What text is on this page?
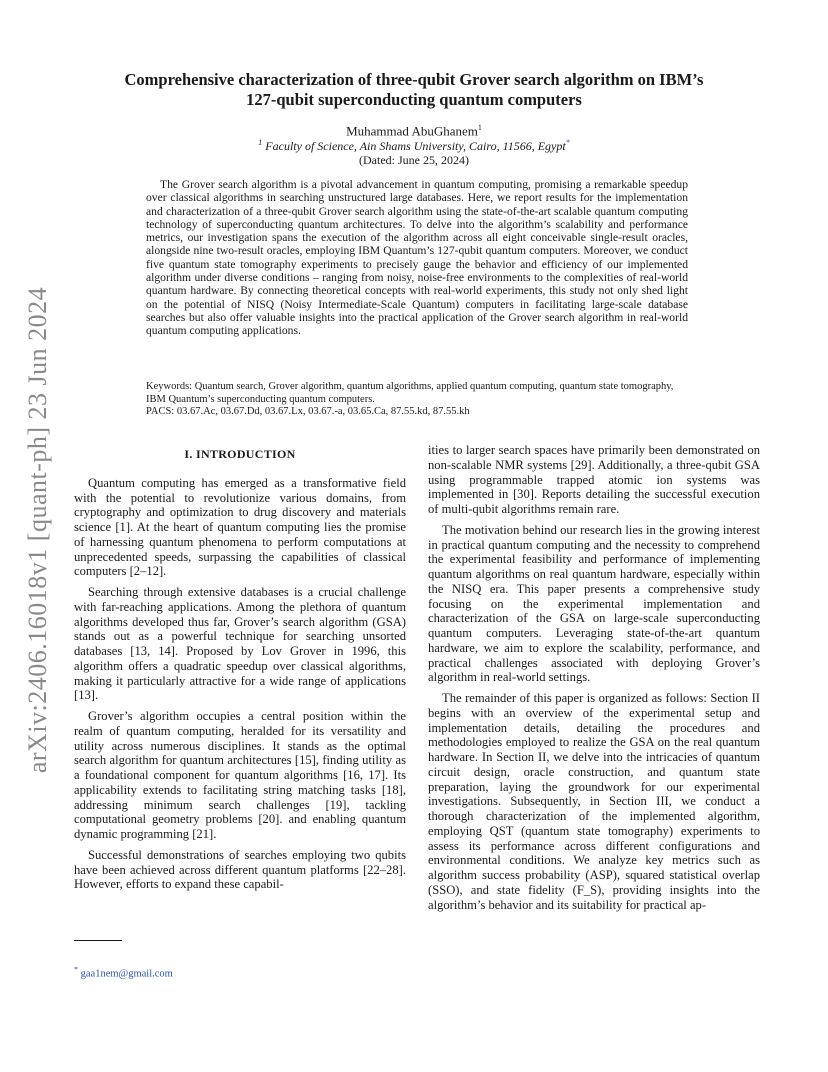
arXiv:2406.16018v1 [quant-ph] 23 Jun 2024
Comprehensive characterization of three-qubit Grover search algorithm on IBM’s
127-qubit superconducting quantum computers
Muhammad AbuGhanem$^1$
$^1$ Faculty of Science, Ain Shams University, Cairo, 11566, Egypt*
(Dated: June 25, 2024)
The Grover search algorithm is a pivotal advancement in quantum computing, promising a remarkable speedup over classical algorithms in searching unstructured large databases. Here, we report results for the implementation and characterization of a three-qubit Grover search algorithm using the state-of-the-art scalable quantum computing technology of superconducting quantum architectures. To delve into the algorithm’s scalability and performance metrics, our investigation spans the execution of the algorithm across all eight conceivable single-result oracles, alongside nine two-result oracles, employing IBM Quantum’s 127-qubit quantum computers. Moreover, we conduct five quantum state tomography experiments to precisely gauge the behavior and efficiency of our implemented algorithm under diverse conditions – ranging from noisy, noise-free environments to the complexities of real-world quantum hardware. By connecting theoretical concepts with real-world experiments, this study not only shed light on the potential of NISQ (Noisy Intermediate-Scale Quantum) computers in facilitating large-scale database searches but also offer valuable insights into the practical application of the Grover search algorithm in real-world quantum computing applications.
Keywords: Quantum search, Grover algorithm, quantum algorithms, applied quantum computing, quantum state tomography, IBM Quantum’s superconducting quantum computers.
PACS: 03.67.Ac, 03.67.Dd, 03.67.Lx, 03.67.-a, 03.65.Ca, 87.55.kd, 87.55.kh
I. INTRODUCTION

Quantum computing has emerged as a transformative field with the potential to revolutionize various domains, from cryptography and optimization to drug discovery and materials science [1]. At the heart of quantum computing lies the promise of harnessing quantum phenomena to perform computations at unprecedented speeds, surpassing the capabilities of classical computers [2–12].

Searching through extensive databases is a crucial challenge with far-reaching applications. Among the plethora of quantum algorithms developed thus far, Grover’s search algorithm (GSA) stands out as a powerful technique for searching unsorted databases [13, 14]. Proposed by Lov Grover in 1996, this algorithm offers a quadratic speedup over classical algorithms, making it particularly attractive for a wide range of applications [13].

Grover’s algorithm occupies a central position within the realm of quantum computing, heralded for its versatility and utility across numerous disciplines. It stands as the optimal search algorithm for quantum architectures [15], finding utility as a foundational component for quantum algorithms [16, 17]. Its applicability extends to facilitating string matching tasks [18], addressing minimum search challenges [19], tackling computational geometry problems [20]. and enabling quantum dynamic programming [21].

Successful demonstrations of searches employing two qubits have been achieved across different quantum platforms [22–28]. However, efforts to expand these capabil-

ities to larger search spaces have primarily been demonstrated on non-scalable NMR systems [29]. Additionally, a three-qubit GSA using programmable trapped atomic ion systems was implemented in [30]. Reports detailing the successful execution of multi-qubit algorithms remain rare.

The motivation behind our research lies in the growing interest in practical quantum computing and the necessity to comprehend the experimental feasibility and performance of implementing quantum algorithms on real quantum hardware, especially within the NISQ era. This paper presents a comprehensive study focusing on the experimental implementation and characterization of the GSA on large-scale superconducting quantum computers. Leveraging state-of-the-art quantum hardware, we aim to explore the scalability, performance, and practical challenges associated with deploying Grover’s algorithm in real-world settings.

The remainder of this paper is organized as follows: Section II begins with an overview of the experimental setup and implementation details, detailing the procedures and methodologies employed to realize the GSA on the real quantum hardware. In Section II, we delve into the intricacies of quantum circuit design, oracle construction, and quantum state preparation, laying the groundwork for our experimental investigations. Subsequently, in Section III, we conduct a thorough characterization of the implemented algorithm, employing QST (quantum state tomography) experiments to assess its performance across different configurations and environmental conditions. We analyze key metrics such as algorithm success probability (ASP), squared statistical overlap (SSO), and state fidelity (F_S), providing insights into the algorithm’s behavior and its suitability for practical ap-

* gaa1nem@gmail.com
